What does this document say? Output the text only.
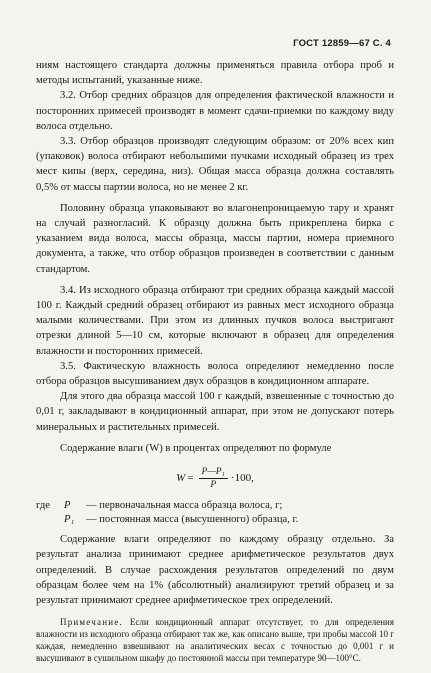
ГОСТ 12859—67 С. 4

ниям настоящего стандарта должны применяться правила отбора проб и методы испытаний, указанные ниже.

3.2. Отбор средних образцов для определения фактической влажности и посторонних примесей производят в момент сдачи-приемки по каждому виду волоса отдельно.

3.3. Отбор образцов производят следующим образом: от 20% всех кип (упаковок) волоса отбирают небольшими пучками исходный образец из трех мест кипы (верх, середина, низ). Общая масса образца должна составлять 0,5% от массы партии волоса, но не менее 2 кг.

Половину образца упаковывают во влагонепроницаемую тару и хранят на случай разногласий. К образцу должна быть прикреплена бирка с указанием вида волоса, массы образца, массы партии, номера приемного документа, а также, что отбор образцов произведен в соответствии с данным стандартом.

3.4. Из исходного образца отбирают три средних образца каждый массой 100 г. Каждый средний образец отбирают из равных мест исходного образца малыми количествами. При этом из длинных пучков волоса выстригают отрезки длиной 5—10 см, которые включают в образец для определения влажности и посторонних примесей.

3.5. Фактическую влажность волоса определяют немедленно после отбора образцов высушиванием двух образцов в кондиционном аппарате.

Для этого два образца массой 100 г каждый, взвешенные с точностью до 0,01 г, закладывают в кондиционный аппарат, при этом не допускают потерь минеральных и растительных примесей.

Содержание влаги (W) в процентах определяют по формуле

$W = \frac{\text{P—P₁}}{P} \cdot 100$,
где	P	— первоначальная масса образца волоса, г;
P₁	— постоянная масса (высушенного) образца, г.

Содержание влаги определяют по каждому образцу отдельно. За результат анализа принимают среднее арифметическое результатов двух определений. В случае расхождения результатов определений по двум образцам более чем на 1% (абсолютный) анализируют третий образец и за результат принимают среднее арифметическое трех определений.

Примечание. Если кондиционный аппарат отсутствует, то для определения влажности из исходного образца отбирают так же, как описано выше, три пробы массой 10 г каждая, немедленно взвешивают на аналитических весах с точностью до 0,001 г и высушивают в сушильном шкафу до постоянной массы при температуре 90—100°C.
